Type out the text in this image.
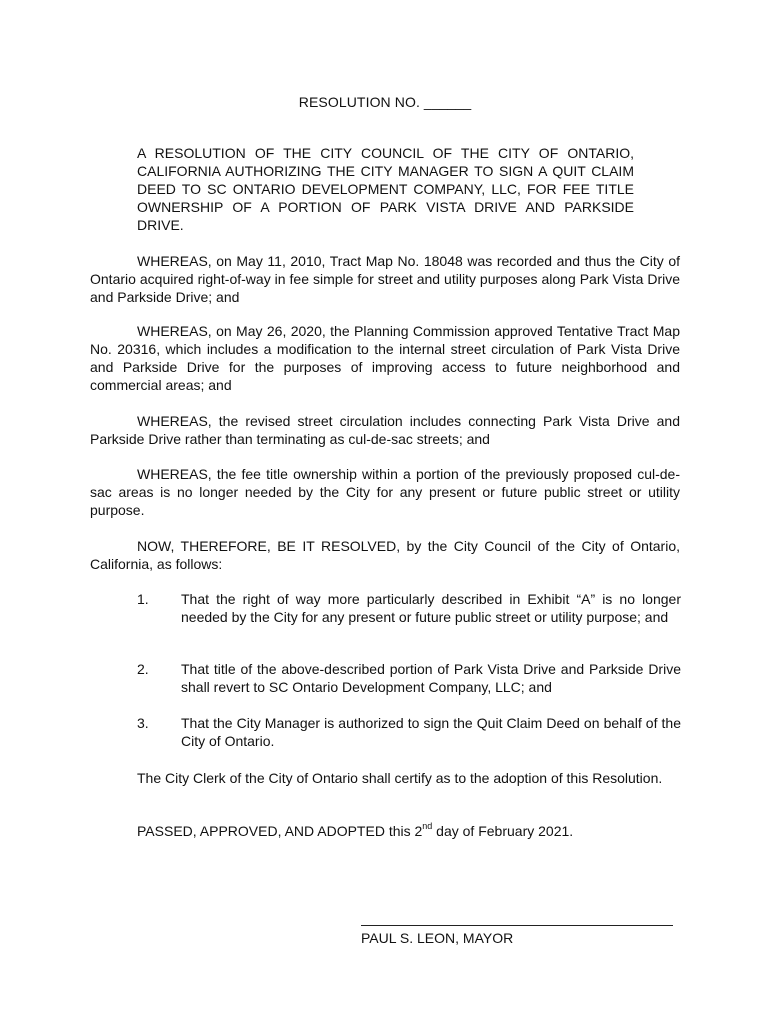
RESOLUTION NO. ______
A RESOLUTION OF THE CITY COUNCIL OF THE CITY OF ONTARIO, CALIFORNIA AUTHORIZING THE CITY MANAGER TO SIGN A QUIT CLAIM DEED TO SC ONTARIO DEVELOPMENT COMPANY, LLC, FOR FEE TITLE OWNERSHIP OF A PORTION OF PARK VISTA DRIVE AND PARKSIDE DRIVE.
WHEREAS, on May 11, 2010, Tract Map No. 18048 was recorded and thus the City of Ontario acquired right-of-way in fee simple for street and utility purposes along Park Vista Drive and Parkside Drive; and
WHEREAS, on May 26, 2020, the Planning Commission approved Tentative Tract Map No. 20316, which includes a modification to the internal street circulation of Park Vista Drive and Parkside Drive for the purposes of improving access to future neighborhood and commercial areas; and
WHEREAS, the revised street circulation includes connecting Park Vista Drive and Parkside Drive rather than terminating as cul-de-sac streets; and
WHEREAS, the fee title ownership within a portion of the previously proposed cul-de-sac areas is no longer needed by the City for any present or future public street or utility purpose.
NOW, THEREFORE, BE IT RESOLVED, by the City Council of the City of Ontario, California, as follows:
1.	That the right of way more particularly described in Exhibit “A” is no longer needed by the City for any present or future public street or utility purpose; and
2.	That title of the above-described portion of Park Vista Drive and Parkside Drive shall revert to SC Ontario Development Company, LLC; and
3.	That the City Manager is authorized to sign the Quit Claim Deed on behalf of the City of Ontario.
The City Clerk of the City of Ontario shall certify as to the adoption of this Resolution.
PASSED, APPROVED, AND ADOPTED this 2nd day of February 2021.
PAUL S. LEON, MAYOR
